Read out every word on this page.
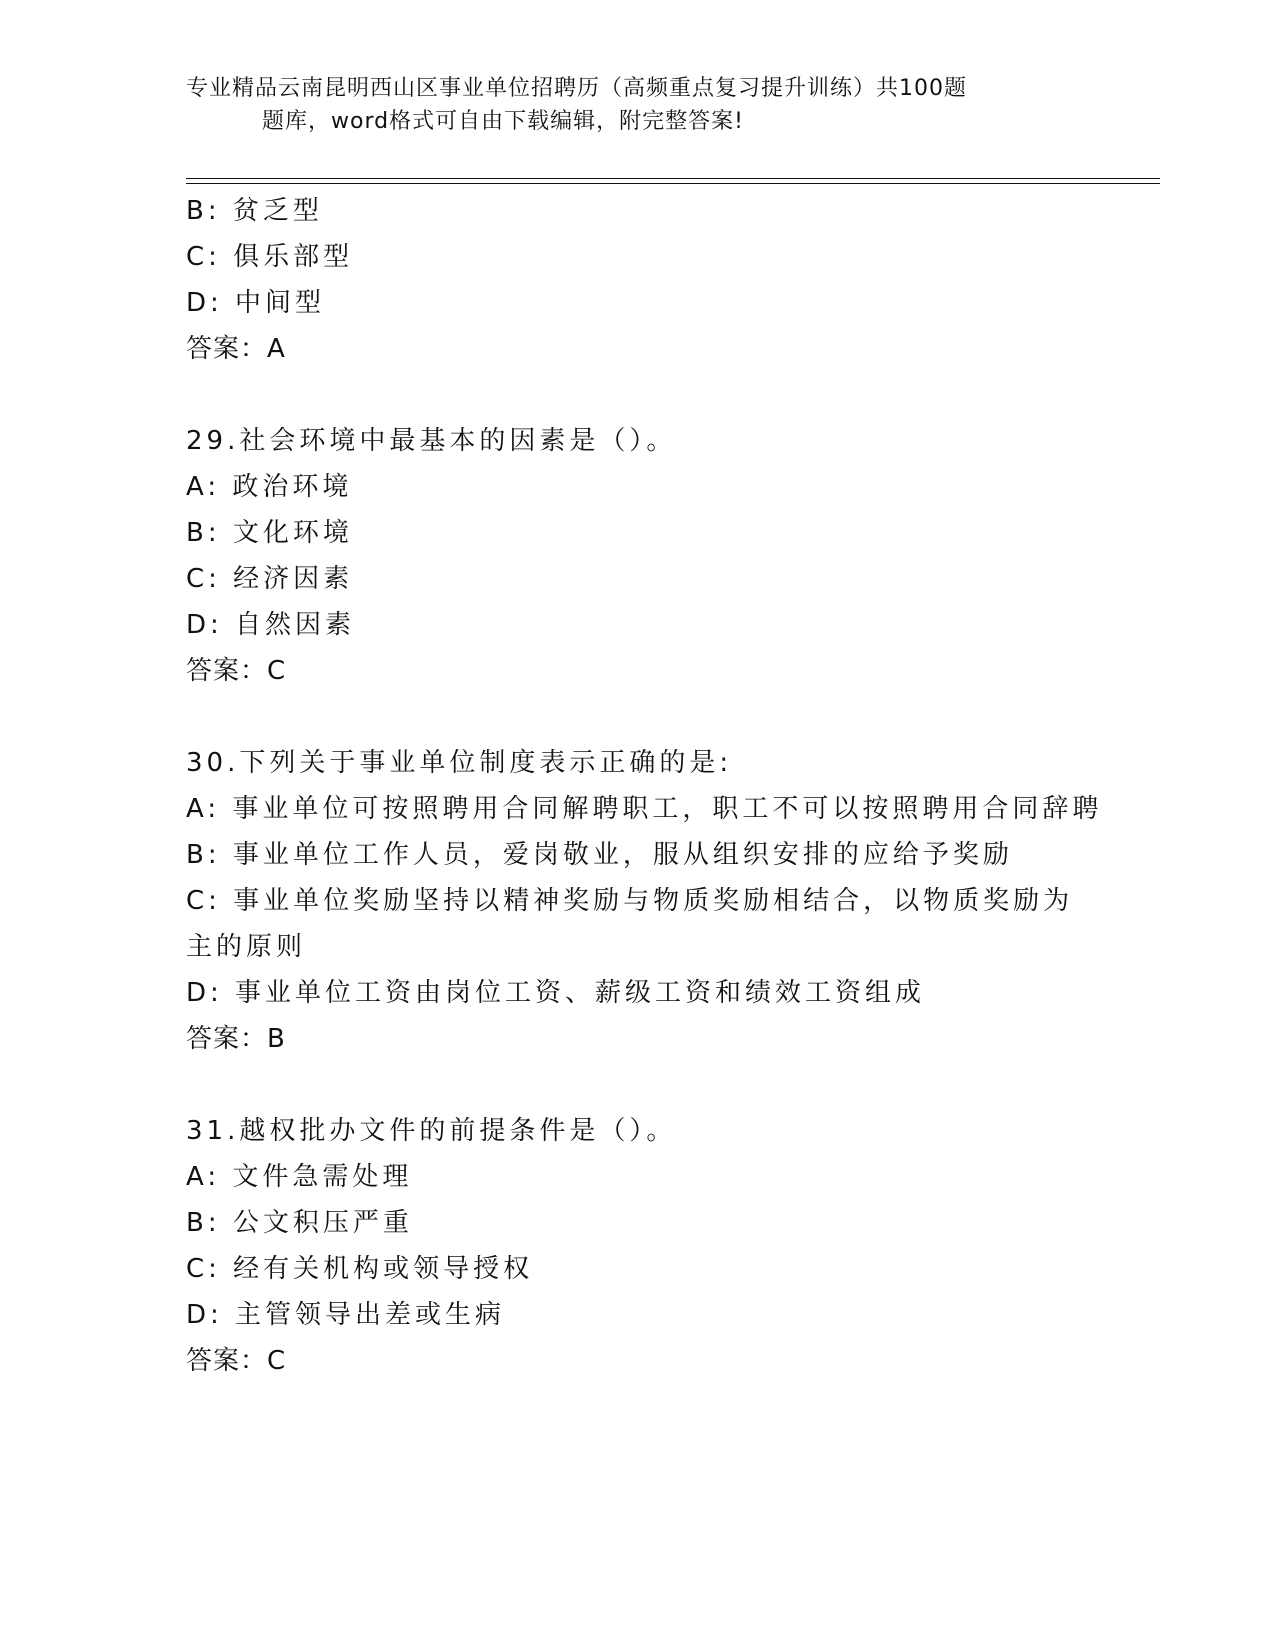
专业精品云南昆明西山区事业单位招聘历（高频重点复习提升训练）共100题
题库，word格式可自由下载编辑，附完整答案!
B: 贫乏型
C: 俱乐部型
D: 中间型
答案：A
29.社会环境中最基本的因素是（）。
A: 政治环境
B: 文化环境
C: 经济因素
D: 自然因素
答案：C
30.下列关于事业单位制度表示正确的是:
A: 事业单位可按照聘用合同解聘职工，职工不可以按照聘用合同辞聘
B: 事业单位工作人员，爱岗敬业，服从组织安排的应给予奖励
C: 事业单位奖励坚持以精神奖励与物质奖励相结合，以物质奖励为主的原则
D: 事业单位工资由岗位工资、薪级工资和绩效工资组成
答案：B
31.越权批办文件的前提条件是（）。
A: 文件急需处理
B: 公文积压严重
C: 经有关机构或领导授权
D: 主管领导出差或生病
答案：C
